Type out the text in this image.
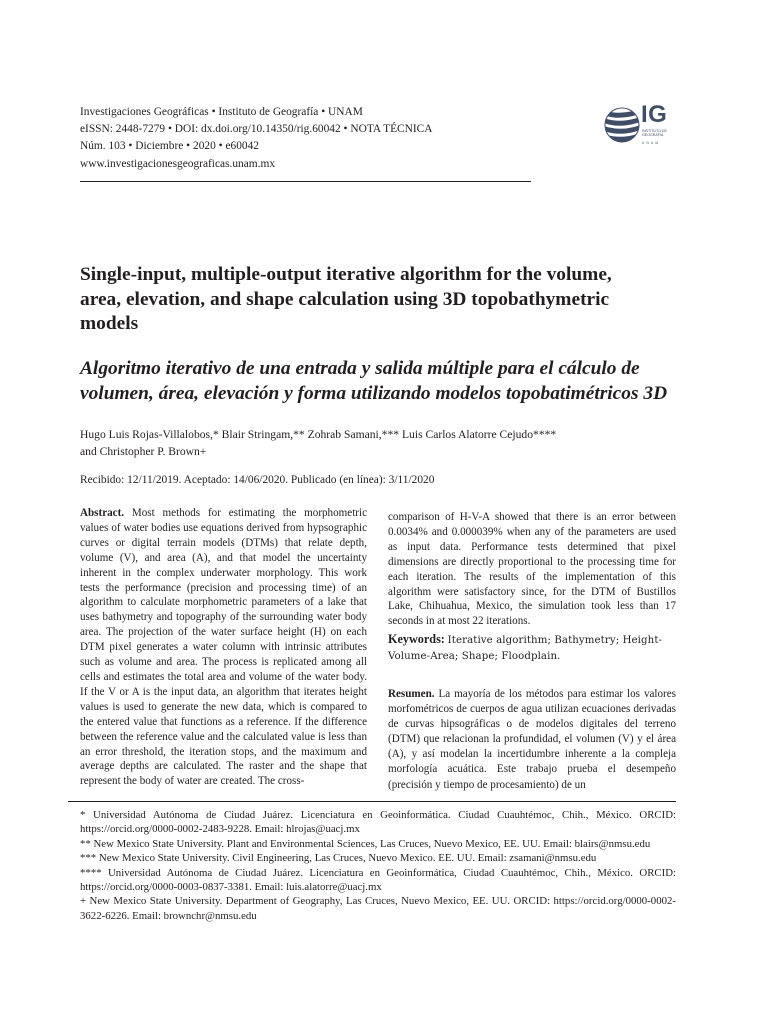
Investigaciones Geográficas • Instituto de Geografía • UNAM
eISSN: 2448-7279 • DOI: dx.doi.org/10.14350/rig.60042 • NOTA TÉCNICA
Núm. 103 • Diciembre • 2020 • e60042
www.investigacionesgeograficas.unam.mx
IG
INSTITUTO DE GEOGRAFÍA
UNAM
Single-input, multiple-output iterative algorithm for the volume, area, elevation, and shape calculation using 3D topobathymetric models
Algoritmo iterativo de una entrada y salida múltiple para el cálculo de volumen, área, elevación y forma utilizando modelos topobatimétricos 3D
Hugo Luis Rojas-Villalobos,* Blair Stringam,** Zohrab Samani,*** Luis Carlos Alatorre Cejudo****
and Christopher P. Brown+
Recibido: 12/11/2019. Aceptado: 14/06/2020. Publicado (en línea): 3/11/2020
Abstract. Most methods for estimating the morphometric values of water bodies use equations derived from hypsographic curves or digital terrain models (DTMs) that relate depth, volume (V), and area (A), and that model the uncertainty inherent in the complex underwater morphology. This work tests the performance (precision and processing time) of an algorithm to calculate morphometric parameters of a lake that uses bathymetry and topography of the surrounding water body area. The projection of the water surface height (H) on each DTM pixel generates a water column with intrinsic attributes such as volume and area. The process is replicated among all cells and estimates the total area and volume of the water body. If the V or A is the input data, an algorithm that iterates height values is used to generate the new data, which is compared to the entered value that functions as a reference. If the difference between the reference value and the calculated value is less than an error threshold, the iteration stops, and the maximum and average depths are calculated. The raster and the shape that represent the body of water are created. The cross-
comparison of H-V-A showed that there is an error between 0.0034% and 0.000039% when any of the parameters are used as input data. Performance tests determined that pixel dimensions are directly proportional to the processing time for each iteration. The results of the implementation of this algorithm were satisfactory since, for the DTM of Bustillos Lake, Chihuahua, Mexico, the simulation took less than 17 seconds in at most 22 iterations.
Keywords: Iterative algorithm; Bathymetry; Height-Volume-Area; Shape; Floodplain.
Resumen. La mayoría de los métodos para estimar los valores morfométricos de cuerpos de agua utilizan ecuaciones derivadas de curvas hipsográficas o de modelos digitales del terreno (DTM) que relacionan la profundidad, el volumen (V) y el área (A), y así modelan la incertidumbre inherente a la compleja morfología acuática. Este trabajo prueba el desempeño (precisión y tiempo de procesamiento) de un

* Universidad Autónoma de Ciudad Juárez. Licenciatura en Geoinformática. Ciudad Cuauhtémoc, Chih., México. ORCID: https://orcid.org/0000-0002-2483-9228. Email: hlrojas@uacj.mx

** New Mexico State University. Plant and Environmental Sciences, Las Cruces, Nuevo Mexico, EE. UU. Email: blairs@nmsu.edu

*** New Mexico State University. Civil Engineering, Las Cruces, Nuevo Mexico. EE. UU. Email: zsamani@nmsu.edu

**** Universidad Autónoma de Ciudad Juárez. Licenciatura en Geoinformática, Ciudad Cuauhtémoc, Chih., México. ORCID: https://orcid.org/0000-0003-0837-3381. Email: luis.alatorre@uacj.mx

+ New Mexico State University. Department of Geography, Las Cruces, Nuevo Mexico, EE. UU. ORCID: https://orcid.org/0000-0002-3622-6226. Email: brownchr@nmsu.edu
